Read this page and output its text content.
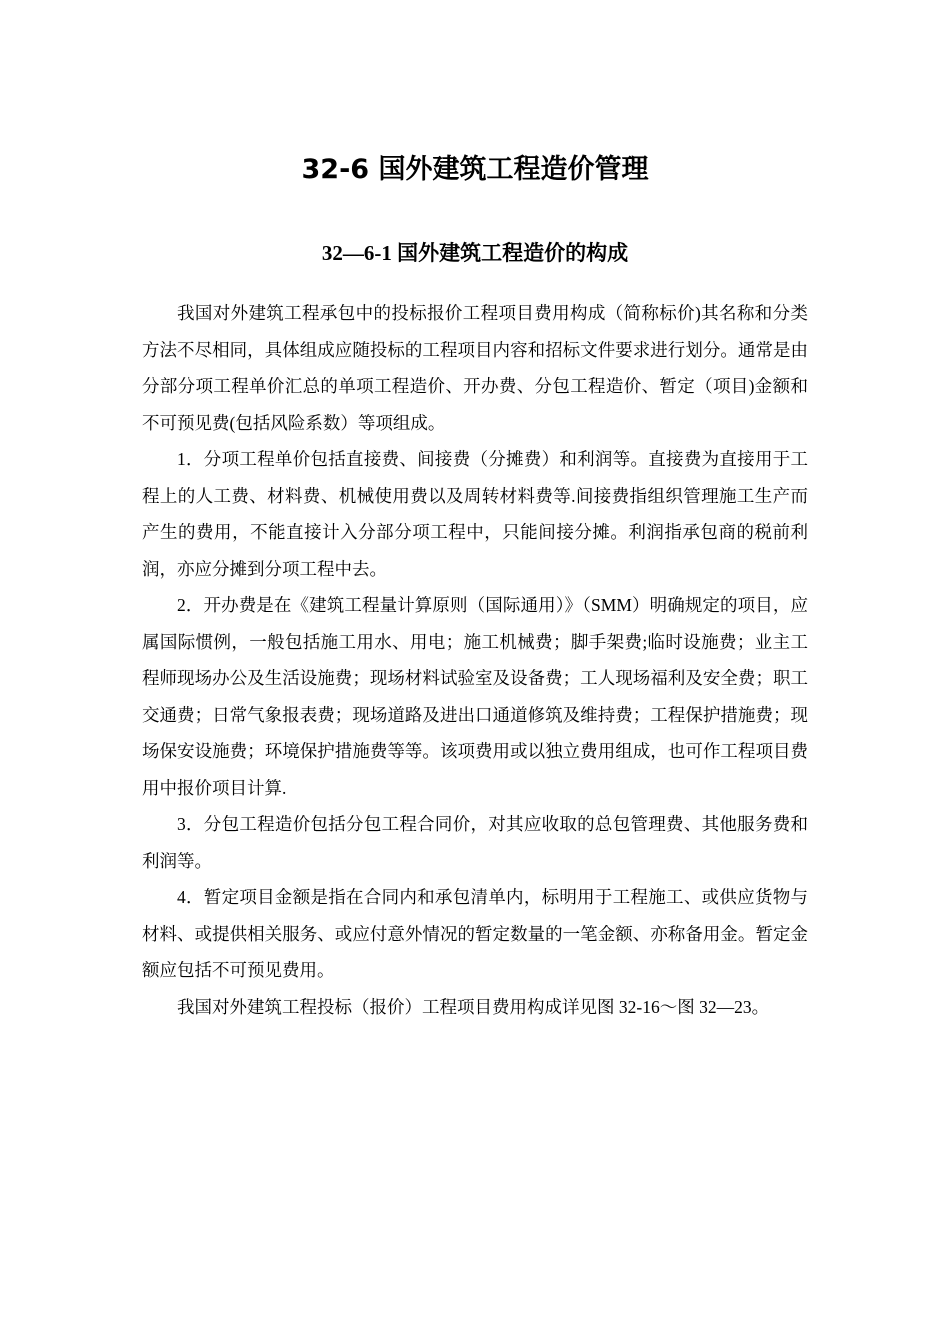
32-6 国外建筑工程造价管理
32—6-1 国外建筑工程造价的构成

我国对外建筑工程承包中的投标报价工程项目费用构成（简称标价)其名称和分类方法不尽相同，具体组成应随投标的工程项目内容和招标文件要求进行划分。通常是由分部分项工程单价汇总的单项工程造价、开办费、分包工程造价、暂定（项目)金额和不可预见费(包括风险系数）等项组成。

1．分项工程单价包括直接费、间接费（分摊费）和利润等。直接费为直接用于工程上的人工费、材料费、机械使用费以及周转材料费等.间接费指组织管理施工生产而产生的费用，不能直接计入分部分项工程中，只能间接分摊。利润指承包商的税前利润，亦应分摊到分项工程中去。

2．开办费是在《建筑工程量计算原则（国际通用）》（SMM）明确规定的项目，应属国际惯例，一般包括施工用水、用电；施工机械费；脚手架费;临时设施费；业主工程师现场办公及生活设施费；现场材料试验室及设备费；工人现场福利及安全费；职工交通费；日常气象报表费；现场道路及进出口通道修筑及维持费；工程保护措施费；现场保安设施费；环境保护措施费等等。该项费用或以独立费用组成，也可作工程项目费用中报价项目计算.

3．分包工程造价包括分包工程合同价，对其应收取的总包管理费、其他服务费和利润等。

4．暂定项目金额是指在合同内和承包清单内，标明用于工程施工、或供应货物与材料、或提供相关服务、或应付意外情况的暂定数量的一笔金额、亦称备用金。暂定金额应包括不可预见费用。

我国对外建筑工程投标（报价）工程项目费用构成详见图 32-16～图 32—23。
